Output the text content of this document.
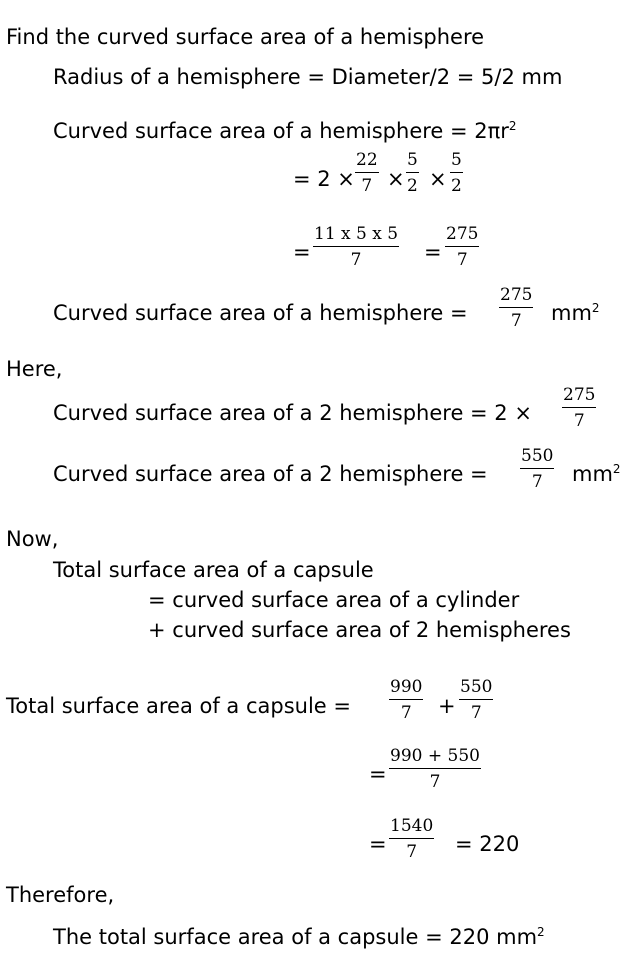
Find the curved surface area of a hemisphere
Radius of a hemisphere = Diameter/2 = 5/2 mm
Curved surface area of a hemisphere = $2\pi r^2$
= 2 ×
22
7 ×
5
2 ×
5
2
=
11 x 5 x 5
7	=
275
7
Curved surface area of a hemisphere =
275
7 $mm^2$
Here,
Curved surface area of a 2 hemisphere = 2 ×
275
7
Curved surface area of a 2 hemisphere =
550
7 $mm^2$
Now,
Total surface area of a capsule
= curved surface area of a cylinder
+ curved surface area of 2 hemispheres
Total surface area of a capsule =
990
7 +
550
7
=
990 + 550
7
=
1540
7 = 220
Therefore,
The total surface area of a capsule = 220 $mm^2$
